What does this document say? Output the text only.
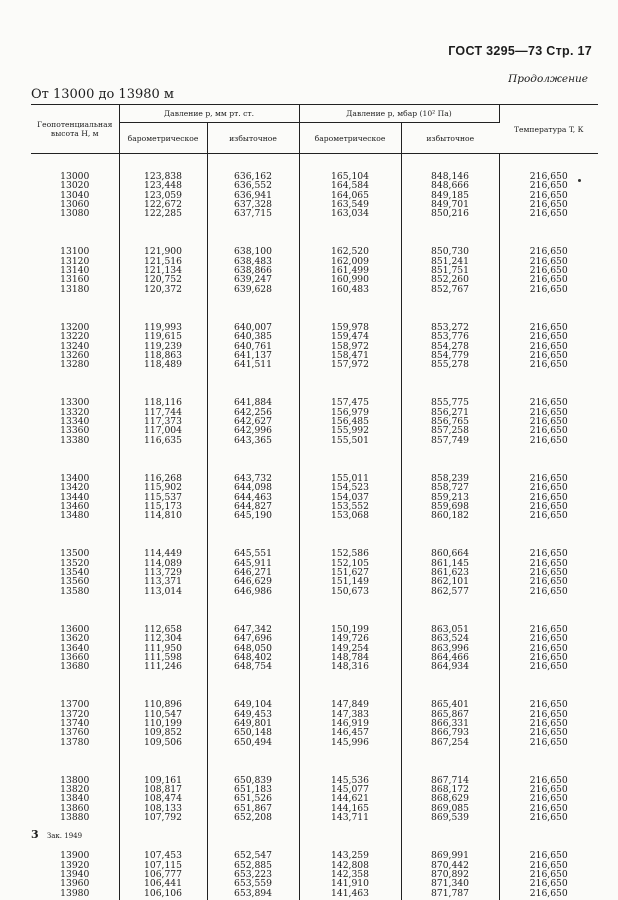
ГОСТ 3295—73 Стр. 17
Продолжение
От 13000 до 13980 м
Геопотенциальная высота H, м	Давление p, мм рт. ст.		Давление p, мбар (10² Па)		Температура T, К
	барометрическое	избыточное	барометрическое	избыточное	
13000	123,838	636,162	165,104	848,146	216,650
13020	123,448	636,552	164,584	848,666	216,650
13040	123,059	636,941	164,065	849,185	216,650
13060	122,672	637,328	163,549	849,701	216,650
13080	122,285	637,715	163,034	850,216	216,650
13100	121,900	638,100	162,520	850,730	216,650
13120	121,516	638,483	162,009	851,241	216,650
13140	121,134	638,866	161,499	851,751	216,650
13160	120,752	639,247	160,990	852,260	216,650
13180	120,372	639,628	160,483	852,767	216,650
13200	119,993	640,007	159,978	853,272	216,650
13220	119,615	640,385	159,474	853,776	216,650
13240	119,239	640,761	158,972	854,278	216,650
13260	118,863	641,137	158,471	854,779	216,650
13280	118,489	641,511	157,972	855,278	216,650
13300	118,116	641,884	157,475	855,775	216,650
13320	117,744	642,256	156,979	856,271	216,650
13340	117,373	642,627	156,485	856,765	216,650
13360	117,004	642,996	155,992	857,258	216,650
13380	116,635	643,365	155,501	857,749	216,650
13400	116,268	643,732	155,011	858,239	216,650
13420	115,902	644,098	154,523	858,727	216,650
13440	115,537	644,463	154,037	859,213	216,650
13460	115,173	644,827	153,552	859,698	216,650
13480	114,810	645,190	153,068	860,182	216,650
13500	114,449	645,551	152,586	860,664	216,650
13520	114,089	645,911	152,105	861,145	216,650
13540	113,729	646,271	151,627	861,623	216,650
13560	113,371	646,629	151,149	862,101	216,650
13580	113,014	646,986	150,673	862,577	216,650
13600	112,658	647,342	150,199	863,051	216,650
13620	112,304	647,696	149,726	863,524	216,650
13640	111,950	648,050	149,254	863,996	216,650
13660	111,598	648,402	148,784	864,466	216,650
13680	111,246	648,754	148,316	864,934	216,650
13700	110,896	649,104	147,849	865,401	216,650
13720	110,547	649,453	147,383	865,867	216,650
13740	110,199	649,801	146,919	866,331	216,650
13760	109,852	650,148	146,457	866,793	216,650
13780	109,506	650,494	145,996	867,254	216,650
13800	109,161	650,839	145,536	867,714	216,650
13820	108,817	651,183	145,077	868,172	216,650
13840	108,474	651,526	144,621	868,629	216,650
13860	108,133	651,867	144,165	869,085	216,650
13880	107,792	652,208	143,711	869,539	216,650
13900	107,453	652,547	143,259	869,991	216,650
13920	107,115	652,885	142,808	870,442	216,650
13940	106,777	653,223	142,358	870,892	216,650
13960	106,441	653,559	141,910	871,340	216,650
13980	106,106	653,894	141,463	871,787	216,650
3 Зак. 1949
